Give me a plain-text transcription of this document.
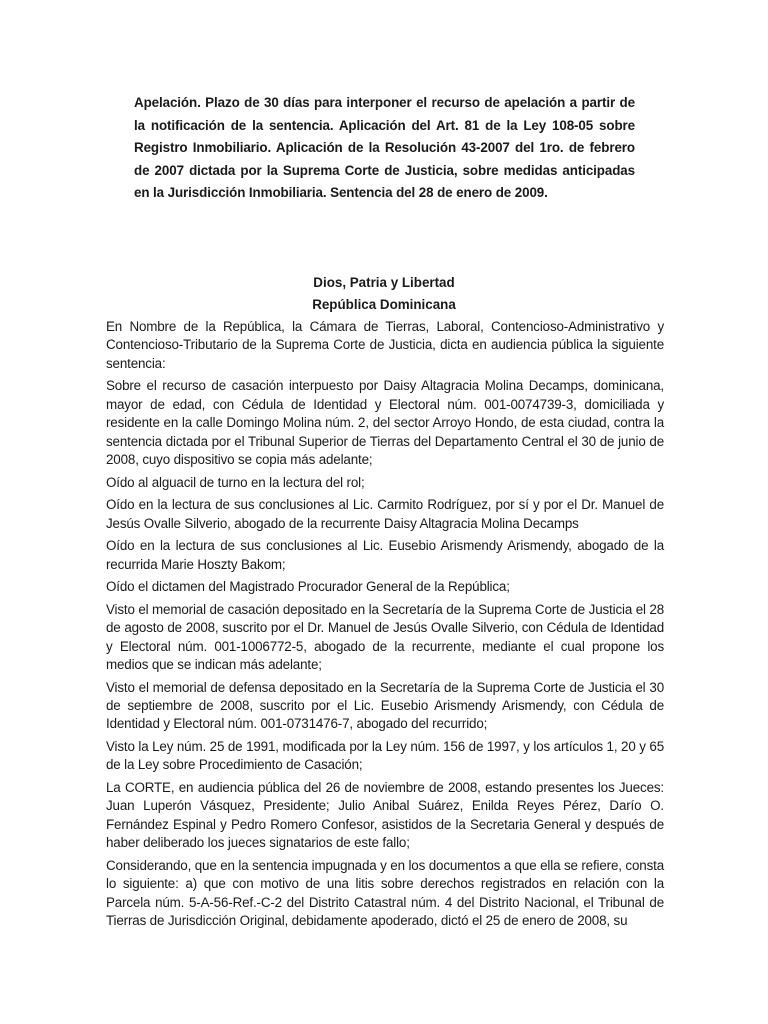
Apelación. Plazo de 30 días para interponer el recurso de apelación a partir de la notificación de la sentencia. Aplicación del Art. 81 de la Ley 108-05 sobre Registro Inmobiliario. Aplicación de la Resolución 43-2007 del 1ro. de febrero de 2007 dictada por la Suprema Corte de Justicia, sobre medidas anticipadas en la Jurisdicción Inmobiliaria. Sentencia del 28 de enero de 2009.
Dios, Patria y Libertad
República Dominicana

En Nombre de la República, la Cámara de Tierras, Laboral, Contencioso-Administrativo y Contencioso-Tributario de la Suprema Corte de Justicia, dicta en audiencia pública la siguiente sentencia:

Sobre el recurso de casación interpuesto por Daisy Altagracia Molina Decamps, dominicana, mayor de edad, con Cédula de Identidad y Electoral núm. 001-0074739-3, domiciliada y residente en la calle Domingo Molina núm. 2, del sector Arroyo Hondo, de esta ciudad, contra la sentencia dictada por el Tribunal Superior de Tierras del Departamento Central el 30 de junio de 2008, cuyo dispositivo se copia más adelante;

Oído al alguacil de turno en la lectura del rol;

Oído en la lectura de sus conclusiones al Lic. Carmito Rodríguez, por sí y por el Dr. Manuel de Jesús Ovalle Silverio, abogado de la recurrente Daisy Altagracia Molina Decamps

Oído en la lectura de sus conclusiones al Lic. Eusebio Arismendy Arismendy, abogado de la recurrida Marie Hoszty Bakom;

Oído el dictamen del Magistrado Procurador General de la República;

Visto el memorial de casación depositado en la Secretaría de la Suprema Corte de Justicia el 28 de agosto de 2008, suscrito por el Dr. Manuel de Jesús Ovalle Silverio, con Cédula de Identidad y Electoral núm. 001-1006772-5, abogado de la recurrente, mediante el cual propone los medios que se indican más adelante;

Visto el memorial de defensa depositado en la Secretaría de la Suprema Corte de Justicia el 30 de septiembre de 2008, suscrito por el Lic. Eusebio Arismendy Arismendy, con Cédula de Identidad y Electoral núm. 001-0731476-7, abogado del recurrido;

Visto la Ley núm. 25 de 1991, modificada por la Ley núm. 156 de 1997, y los artículos 1, 20 y 65 de la Ley sobre Procedimiento de Casación;

La CORTE, en audiencia pública del 26 de noviembre de 2008, estando presentes los Jueces: Juan Luperón Vásquez, Presidente; Julio Anibal Suárez, Enilda Reyes Pérez, Darío O. Fernández Espinal y Pedro Romero Confesor, asistidos de la Secretaria General y después de haber deliberado los jueces signatarios de este fallo;

Considerando, que en la sentencia impugnada y en los documentos a que ella se refiere, consta lo siguiente: a) que con motivo de una litis sobre derechos registrados en relación con la Parcela núm. 5-A-56-Ref.-C-2 del Distrito Catastral núm. 4 del Distrito Nacional, el Tribunal de Tierras de Jurisdicción Original, debidamente apoderado, dictó el 25 de enero de 2008, su
